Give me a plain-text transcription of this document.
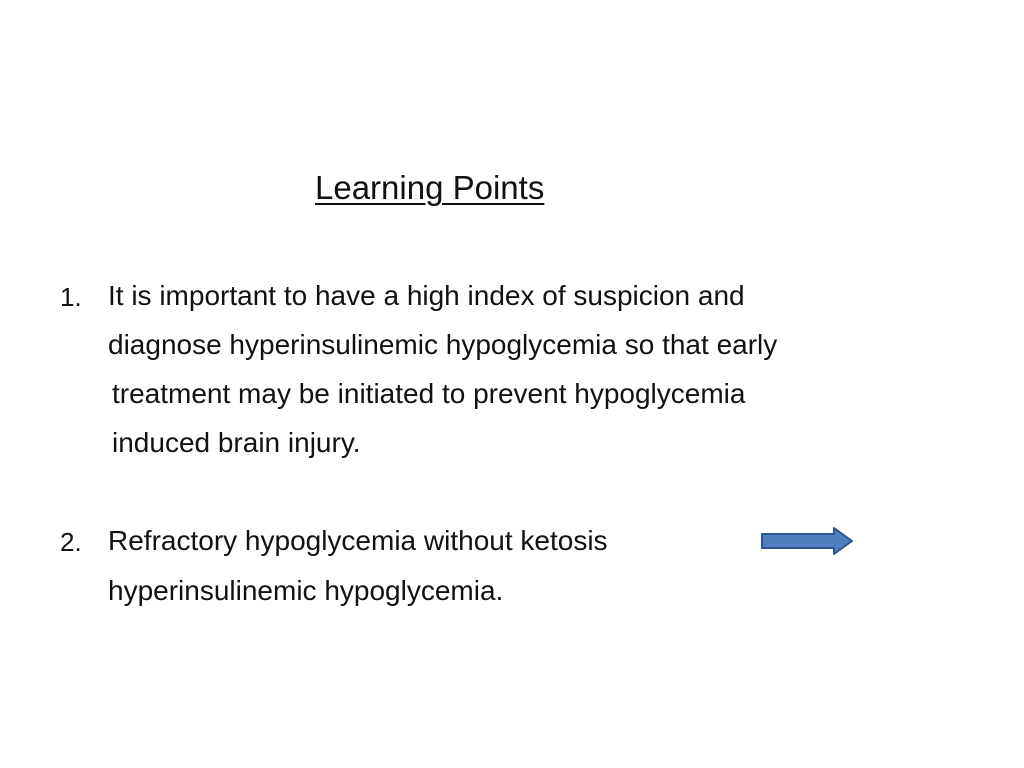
Learning Points
1. It is important to have a high index of suspicion and
diagnose hyperinsulinemic hypoglycemia so that early
treatment may be initiated to prevent hypoglycemia
induced brain injury.
2. Refractory hypoglycemia without ketosis
hyperinsulinemic hypoglycemia.
